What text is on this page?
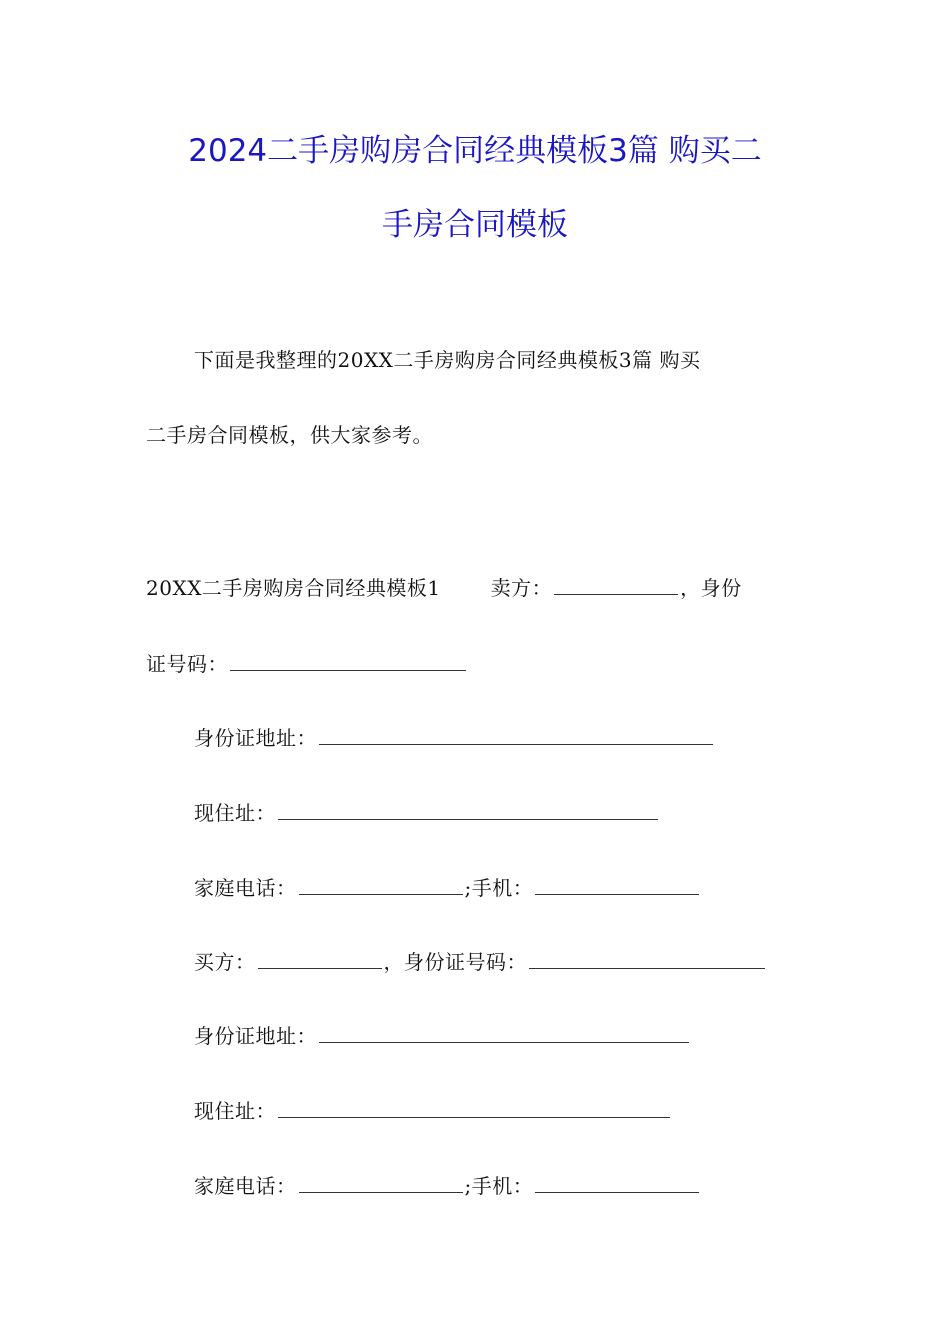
2024二手房购房合同经典模板3篇 购买二
手房合同模板
下面是我整理的20XX二手房购房合同经典模板3篇 购买
二手房合同模板，供大家参考。
20XX二手房购房合同经典模板1	卖方：	，身份
证号码：
身份证地址：
现住址：
家庭电话：	;手机：
买方：	，身份证号码：
身份证地址：
现住址：
家庭电话：	;手机：
